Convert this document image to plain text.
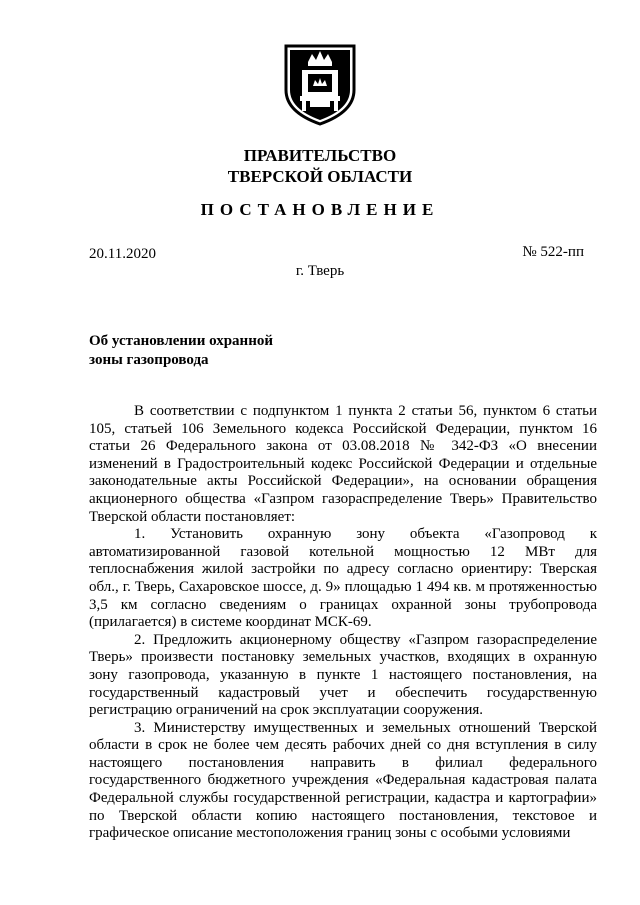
ПРАВИТЕЛЬСТВО
ТВЕРСКОЙ ОБЛАСТИ
ПОСТАНОВЛЕНИЕ
20.11.2020	№ 522-пп
г. Тверь
Об установлении охранной
зоны газопровода

В соответствии с подпунктом 1 пункта 2 статьи 56, пунктом 6 статьи 105, статьей 106 Земельного кодекса Российской Федерации, пунктом 16 статьи 26 Федерального закона от 03.08.2018 № 342-ФЗ «О внесении изменений в Градостроительный кодекс Российской Федерации и отдельные законодательные акты Российской Федерации», на основании обращения акционерного общества «Газпром газораспределение Тверь» Правительство Тверской области постановляет:

1. Установить охранную зону объекта «Газопровод к автоматизированной газовой котельной мощностью 12 МВт для теплоснабжения жилой застройки по адресу согласно ориентиру: Тверская обл., г. Тверь, Сахаровское шоссе, д. 9» площадью 1 494 кв. м протяженностью 3,5 км согласно сведениям о границах охранной зоны трубопровода (прилагается) в системе координат МСК-69.

2. Предложить акционерному обществу «Газпром газораспределение Тверь» произвести постановку земельных участков, входящих в охранную зону газопровода, указанную в пункте 1 настоящего постановления, на государственный кадастровый учет и обеспечить государственную регистрацию ограничений на срок эксплуатации сооружения.

3. Министерству имущественных и земельных отношений Тверской области в срок не более чем десять рабочих дней со дня вступления в силу настоящего постановления направить в филиал федерального государственного бюджетного учреждения «Федеральная кадастровая палата Федеральной службы государственной регистрации, кадастра и картографии» по Тверской области копию настоящего постановления, текстовое и графическое описание местоположения границ зоны с особыми условиями
